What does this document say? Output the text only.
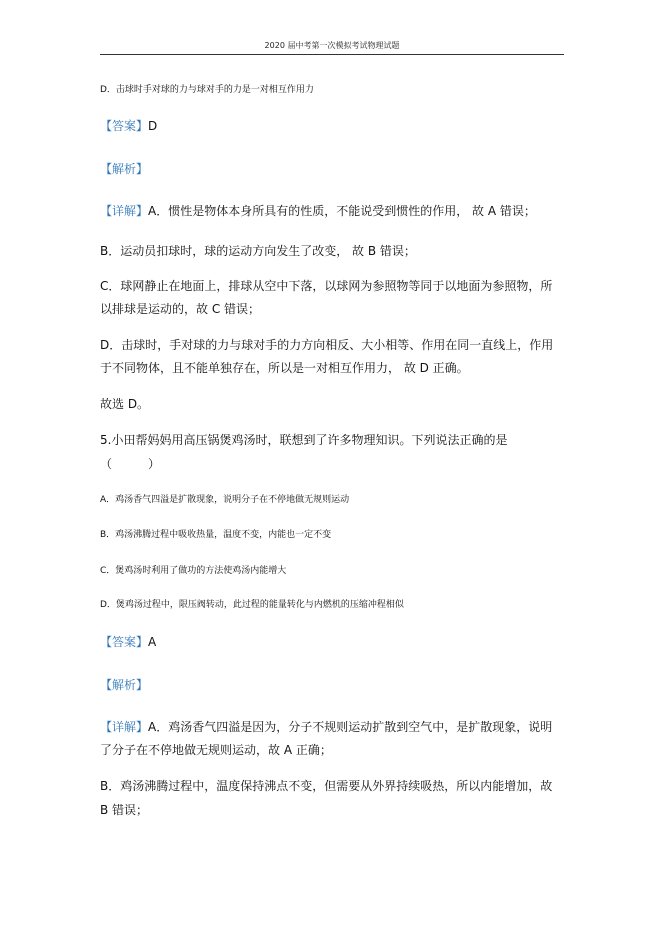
2020 届中考第一次模拟考试物理试题
D．击球时手对球的力与球对手的力是一对相互作用力
【答案】D
【解析】
【详解】A．惯性是物体本身所具有的性质，不能说受到惯性的作用， 故 A 错误；
B．运动员扣球时，球的运动方向发生了改变， 故 B 错误；
C．球网静止在地面上，排球从空中下落，以球网为参照物等同于以地面为参照物，所
以排球是运动的，故 C 错误；
D．击球时，手对球的力与球对手的力方向相反、大小相等、作用在同一直线上，作用
于不同物体，且不能单独存在，所以是一对相互作用力， 故 D 正确。
故选 D。
5.小田帮妈妈用高压锅煲鸡汤时，联想到了许多物理知识。下列说法正确的是
（　　　）
A．鸡汤香气四溢是扩散现象，说明分子在不停地做无规则运动
B．鸡汤沸腾过程中吸收热量，温度不变，内能也一定不变
C．煲鸡汤时利用了做功的方法使鸡汤内能增大
D．煲鸡汤过程中，限压阀转动，此过程的能量转化与内燃机的压缩冲程相似
【答案】A
【解析】
【详解】A．鸡汤香气四溢是因为，分子不规则运动扩散到空气中，是扩散现象，说明
了分子在不停地做无规则运动，故 A 正确；
B．鸡汤沸腾过程中，温度保持沸点不变，但需要从外界持续吸热，所以内能增加，故
B 错误；
